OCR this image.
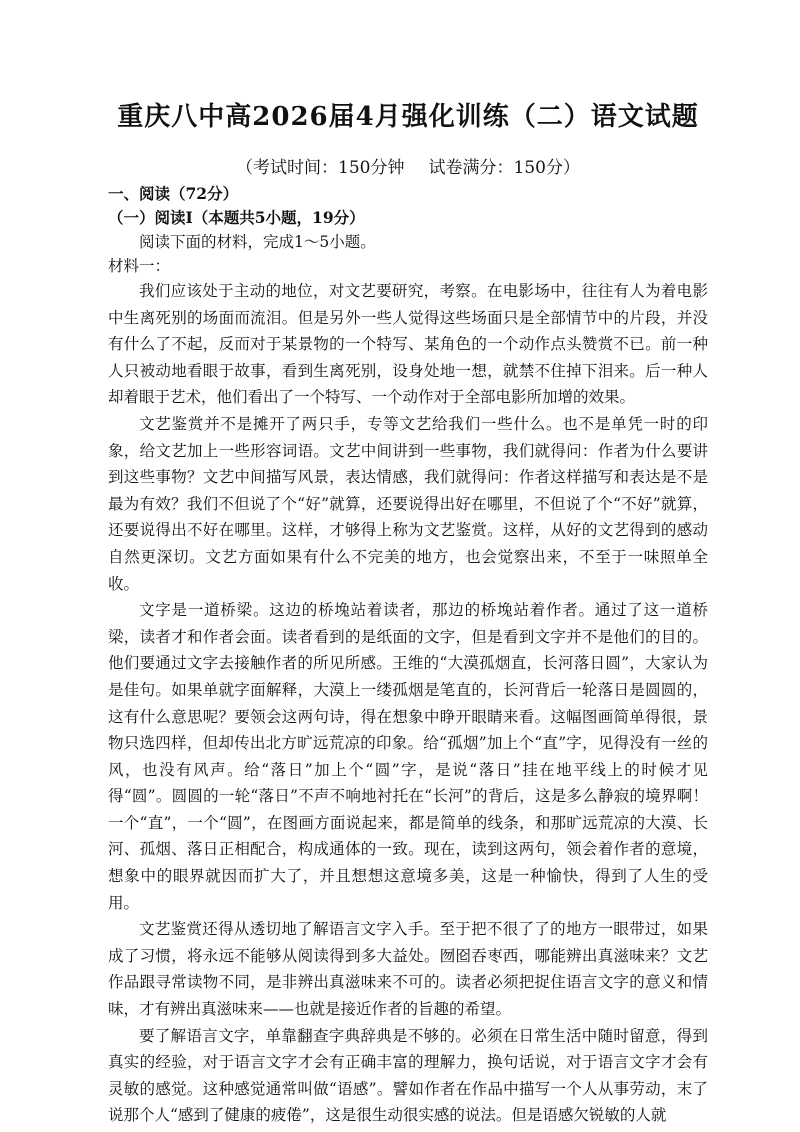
重庆八中高2026届4月强化训练（二）语文试题
（考试时间：150分钟 试卷满分：150分）
一、阅读（72分）
（一）阅读Ⅰ（本题共5小题，19分）
阅读下面的材料，完成1～5小题。
材料一：

我们应该处于主动的地位，对文艺要研究，考察。在电影场中，往往有人为着电影中生离死别的场面而流泪。但是另外一些人觉得这些场面只是全部情节中的片段，并没有什么了不起，反而对于某景物的一个特写、某角色的一个动作点头赞赏不已。前一种人只被动地看眼于故事，看到生离死别，设身处地一想，就禁不住掉下泪来。后一种人却着眼于艺术，他们看出了一个特写、一个动作对于全部电影所加增的效果。

文艺鉴赏并不是摊开了两只手，专等文艺给我们一些什么。也不是单凭一时的印象，给文艺加上一些形容词语。文艺中间讲到一些事物，我们就得问：作者为什么要讲到这些事物？文艺中间描写风景，表达情感，我们就得问：作者这样描写和表达是不是最为有效？我们不但说了个“好”就算，还要说得出好在哪里，不但说了个“不好”就算，还要说得出不好在哪里。这样，才够得上称为文艺鉴赏。这样，从好的文艺得到的感动自然更深切。文艺方面如果有什么不完美的地方，也会觉察出来，不至于一味照单全收。

文字是一道桥梁。这边的桥堍站着读者，那边的桥堍站着作者。通过了这一道桥梁，读者才和作者会面。读者看到的是纸面的文字，但是看到文字并不是他们的目的。他们要通过文字去接触作者的所见所感。王维的“大漠孤烟直，长河落日圆”，大家认为是佳句。如果单就字面解释，大漠上一缕孤烟是笔直的，长河背后一轮落日是圆圆的，这有什么意思呢？要领会这两句诗，得在想象中睁开眼睛来看。这幅图画简单得很，景物只选四样，但却传出北方旷远荒凉的印象。给“孤烟”加上个“直”字，见得没有一丝的风，也没有风声。给“落日”加上个“圆”字，是说“落日”挂在地平线上的时候才见得“圆”。圆圆的一轮“落日”不声不响地衬托在“长河”的背后，这是多么静寂的境界啊！一个“直”，一个“圆”，在图画方面说起来，都是简单的线条，和那旷远荒凉的大漠、长河、孤烟、落日正相配合，构成通体的一致。现在，读到这两句，领会着作者的意境，想象中的眼界就因而扩大了，并且想想这意境多美，这是一种愉快，得到了人生的受用。

文艺鉴赏还得从透切地了解语言文字入手。至于把不很了了的地方一眼带过，如果成了习惯，将永远不能够从阅读得到多大益处。囫囵吞枣西，哪能辨出真滋味来？文艺作品跟寻常读物不同，是非辨出真滋味来不可的。读者必须把捉住语言文字的意义和情味，才有辨出真滋味来——也就是接近作者的旨趣的希望。

要了解语言文字，单靠翻查字典辞典是不够的。必须在日常生活中随时留意，得到真实的经验，对于语言文字才会有正确丰富的理解力，换句话说，对于语言文字才会有灵敏的感觉。这种感觉通常叫做“语感”。譬如作者在作品中描写一个人从事劳动，末了说那个人“感到了健康的疲倦”，这是很生动很实感的说法。但是语感欠锐敏的人就
